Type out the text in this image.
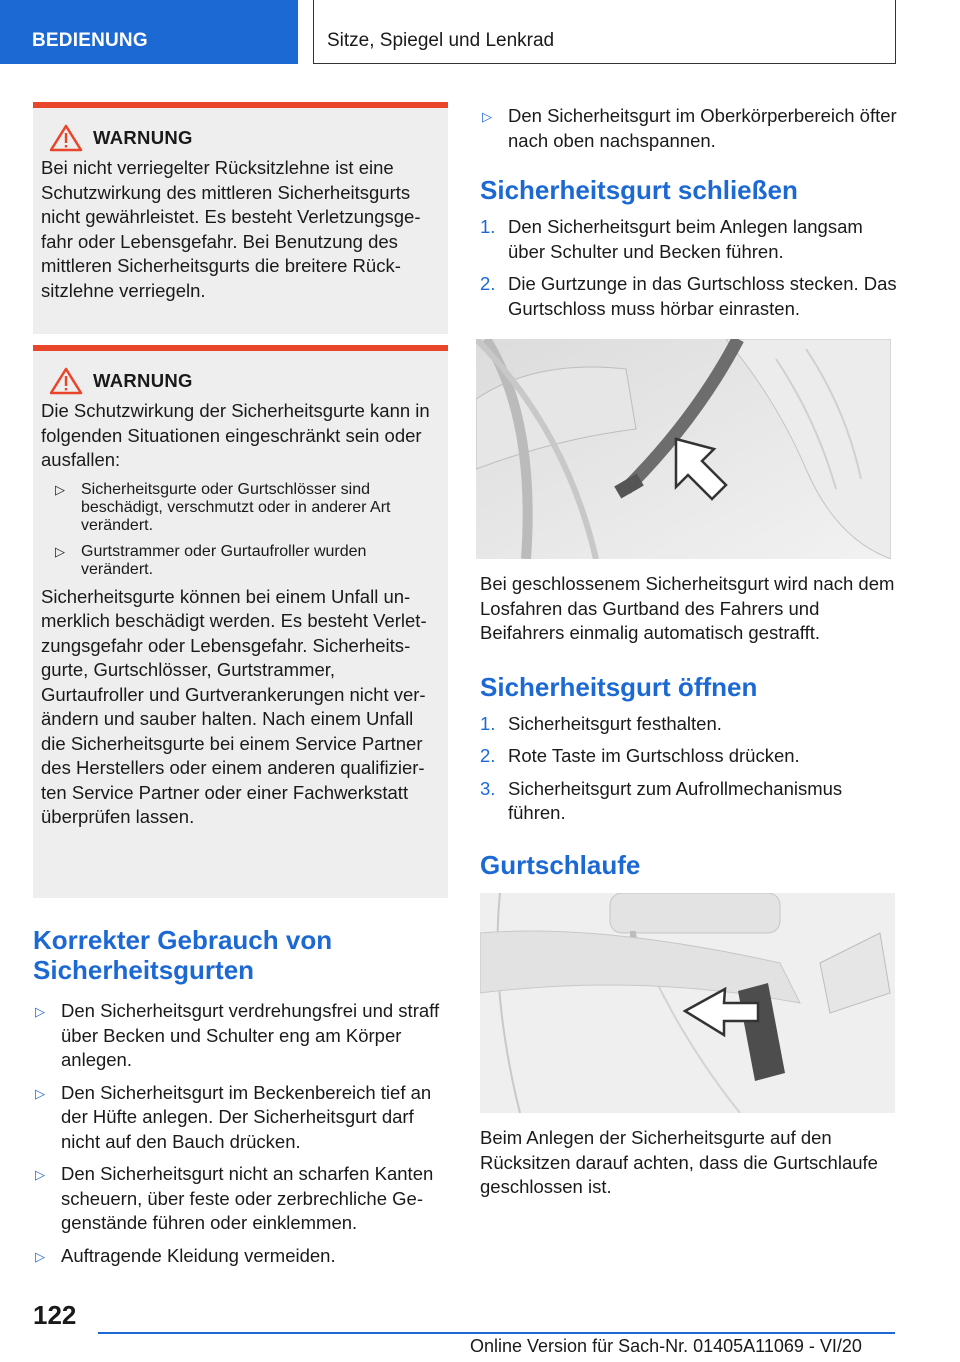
BEDIENUNG	Sitze, Spiegel und Lenkrad
WARNUNG

Bei nicht verriegelter Rücksitzlehne ist eine Schutzwirkung des mittleren Sicherheitsgurts nicht gewährleistet. Es besteht Verletzungsgefahr oder Lebensgefahr. Bei Benutzung des mittleren Sicherheitsgurts die breitere Rücksitzlehne verriegeln.

WARNUNG

Die Schutzwirkung der Sicherheitsgurte kann in folgenden Situationen eingeschränkt sein oder ausfallen:

▷	Sicherheitsgurte oder Gurtschlösser sind beschädigt, verschmutzt oder in anderer Art verändert.
▷	Gurtstrammer oder Gurtaufroller wurden verändert.

Sicherheitsgurte können bei einem Unfall unmerklich beschädigt werden. Es besteht Verletzungsgefahr oder Lebensgefahr. Sicherheitsgurte, Gurtschlösser, Gurtstrammer, Gurtaufroller und Gurtverankerungen nicht verändern und sauber halten. Nach einem Unfall die Sicherheitsgurte bei einem Service Partner des Herstellers oder einem anderen qualifizierten Service Partner oder einer Fachwerkstatt überprüfen lassen.

Korrekter Gebrauch von Sicherheitsgurten
▷ Den Sicherheitsgurt verdrehungsfrei und straff über Becken und Schulter eng am Körper anlegen.
▷ Den Sicherheitsgurt im Beckenbereich tief an der Hüfte anlegen. Der Sicherheitsgurt darf nicht auf den Bauch drücken.
▷ Den Sicherheitsgurt nicht an scharfen Kanten scheuern, über feste oder zerbrechliche Gegenstände führen oder einklemmen.
▷ Auftragende Kleidung vermeiden.
▷ Den Sicherheitsgurt im Oberkörperbereich öfter nach oben nachspannen.
Sicherheitsgurt schließen
1. Den Sicherheitsgurt beim Anlegen langsam über Schulter und Becken führen.
2. Die Gurtzunge in das Gurtschloss stecken. Das Gurtschloss muss hörbar einrasten.

Bei geschlossenem Sicherheitsgurt wird nach dem Losfahren das Gurtband des Fahrers und Beifahrers einmalig automatisch gestrafft.

Sicherheitsgurt öffnen
1. Sicherheitsgurt festhalten.
2. Rote Taste im Gurtschloss drücken.
3. Sicherheitsgurt zum Aufrollmechanismus führen.
Gurtschlaufe

Beim Anlegen der Sicherheitsgurte auf den Rücksitzen darauf achten, dass die Gurtschlaufe geschlossen ist.

122
Online Version für Sach-Nr. 01405A11069 - VI/20
